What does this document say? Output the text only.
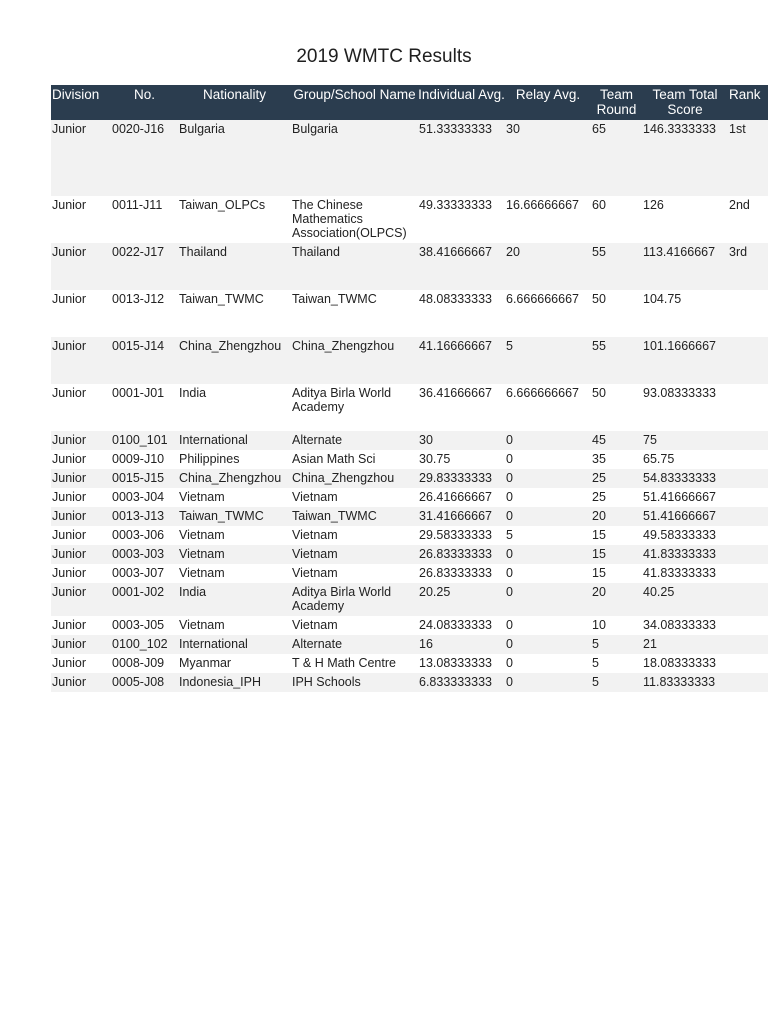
2019 WMTC Results
Division	No.	Nationality	Group/School Name	Individual Avg.	Relay Avg.	Team Round	Team Total Score	Rank
Junior	0020-J16	Bulgaria	Bulgaria	51.33333333	30	65	146.3333333	1st
Junior	0011-J11	Taiwan_OLPCs	The Chinese Mathematics Association(OLPCS)	49.33333333	16.66666667	60	126	2nd
Junior	0022-J17	Thailand	Thailand	38.41666667	20	55	113.4166667	3rd
Junior	0013-J12	Taiwan_TWMC	Taiwan_TWMC	48.08333333	6.666666667	50	104.75	
Junior	0015-J14	China_Zhengzhou	China_Zhengzhou	41.16666667	5	55	101.1666667	
Junior	0001-J01	India	Aditya Birla World Academy	36.41666667	6.666666667	50	93.08333333	
Junior	0100_101	International	Alternate	30	0	45	75	
Junior	0009-J10	Philippines	Asian Math Sci	30.75	0	35	65.75	
Junior	0015-J15	China_Zhengzhou	China_Zhengzhou	29.83333333	0	25	54.83333333	
Junior	0003-J04	Vietnam	Vietnam	26.41666667	0	25	51.41666667	
Junior	0013-J13	Taiwan_TWMC	Taiwan_TWMC	31.41666667	0	20	51.41666667	
Junior	0003-J06	Vietnam	Vietnam	29.58333333	5	15	49.58333333	
Junior	0003-J03	Vietnam	Vietnam	26.83333333	0	15	41.83333333	
Junior	0003-J07	Vietnam	Vietnam	26.83333333	0	15	41.83333333	
Junior	0001-J02	India	Aditya Birla World Academy	20.25	0	20	40.25	
Junior	0003-J05	Vietnam	Vietnam	24.08333333	0	10	34.08333333	
Junior	0100_102	International	Alternate	16	0	5	21	
Junior	0008-J09	Myanmar	T & H Math Centre	13.08333333	0	5	18.08333333	
Junior	0005-J08	Indonesia_IPH	IPH Schools	6.833333333	0	5	11.83333333	
